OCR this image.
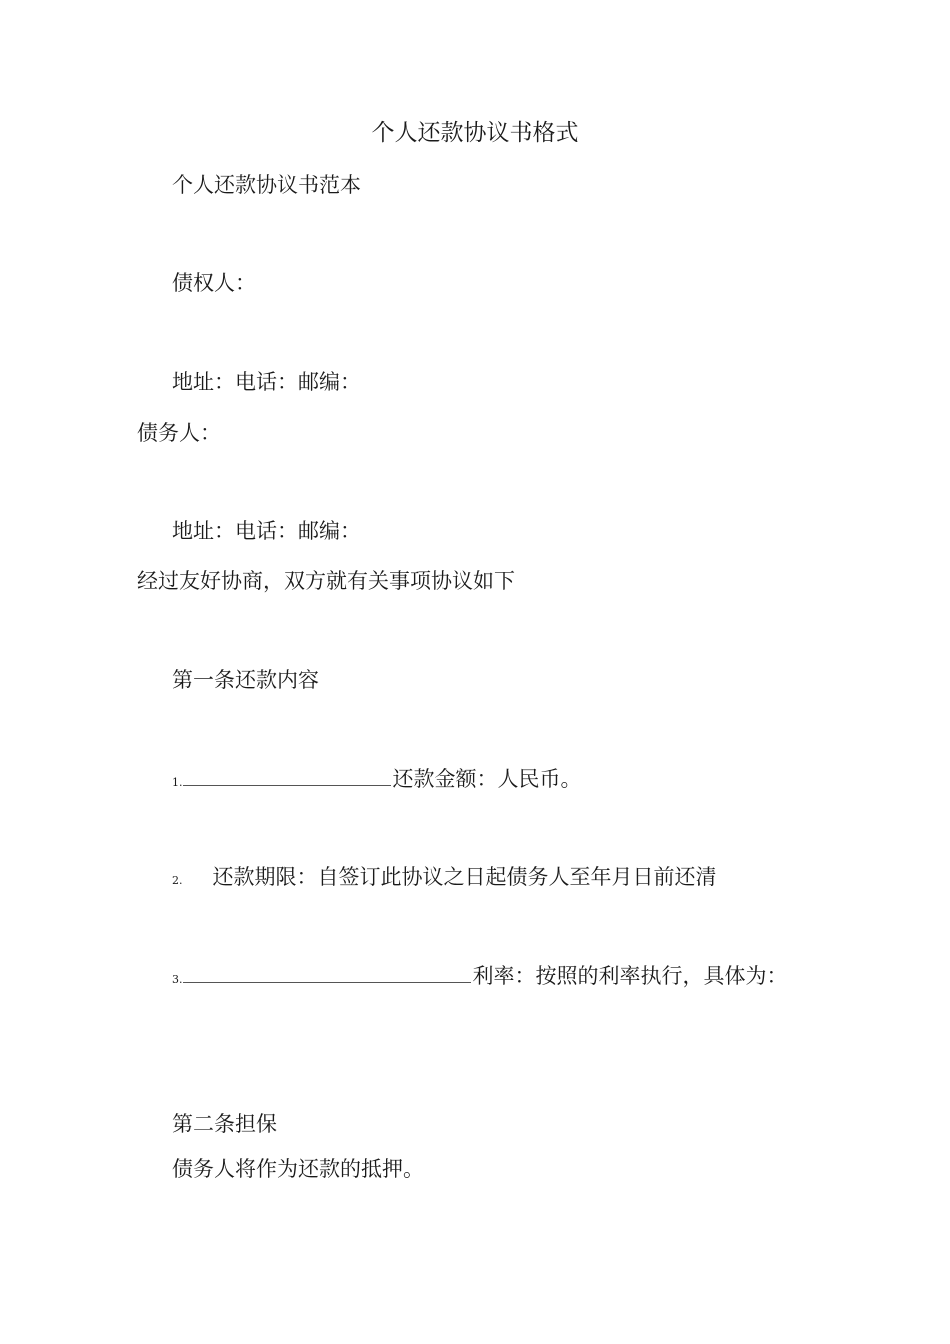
个人还款协议书格式
个人还款协议书范本
债权人：
地址：电话：邮编：
债务人：
地址：电话：邮编：
经过友好协商，双方就有关事项协议如下
第一条还款内容
1.	还款金额：人民币。
2. 还款期限：自签订此协议之日起债务人至年月日前还清
3.	利率：按照的利率执行，具体为：
第二条担保
债务人将作为还款的抵押。
